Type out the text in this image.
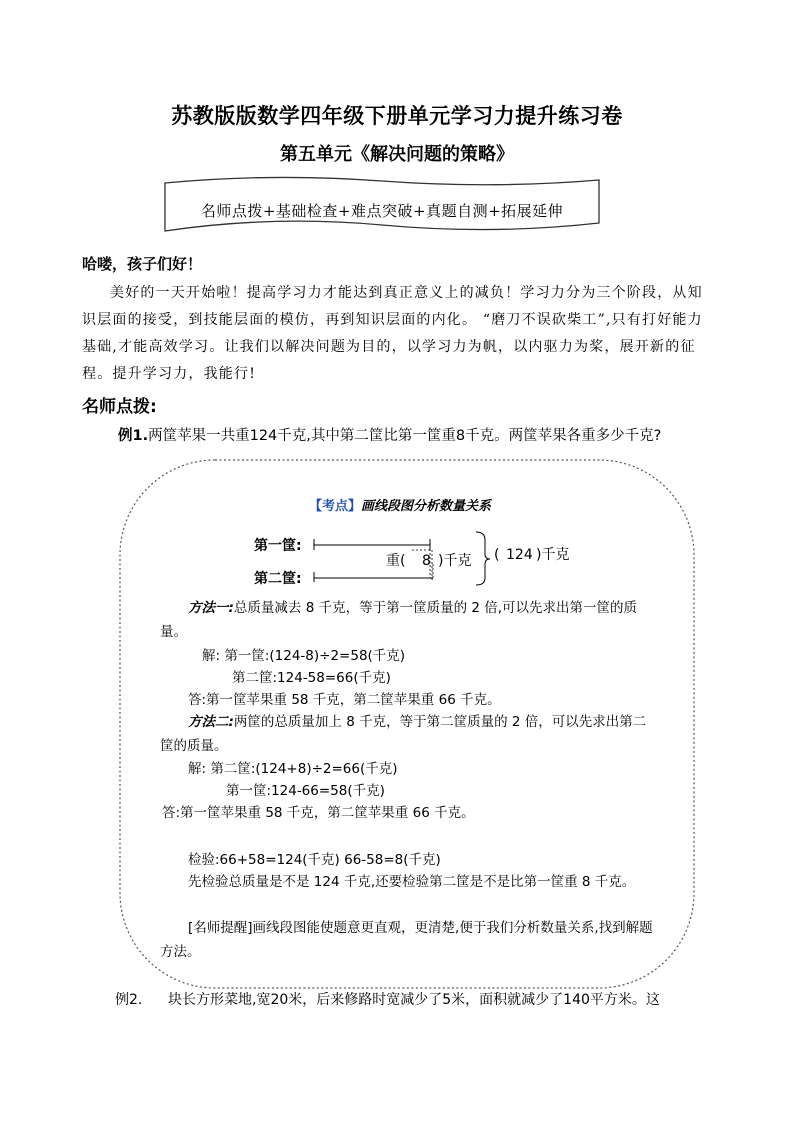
苏教版版数学四年级下册单元学习力提升练习卷
第五单元《解决问题的策略》
名师点拨+基础检查+难点突破+真题自测+拓展延伸
哈喽，孩子们好！
美好的一天开始啦！提高学习力才能达到真正意义上的减负！学习力分为三个阶段，从知识层面的接受，到技能层面的模仿，再到知识层面的内化。 “磨刀不误砍柴工”,只有打好能力基础,才能高效学习。让我们以解决问题为目的，以学习力为帆，以内驱力为桨，展开新的征程。提升学习力，我能行!
名师点拨:
例1.两筐苹果一共重124千克,其中第二筐比第一筐重8千克。两筐苹果各重多少千克?
【考点】画线段图分析数量关系
第一筐:
第二筐:
重( 8 )千克 ( 124 )千克
方法一:总质量减去 8 千克，等于第一筐质量的 2 倍,可以先求出第一筐的质量。
解: 第一筐:(124-8)÷2=58(千克)
第二筐:124-58=66(千克)
答:第一筐苹果重 58 千克，第二筐苹果重 66 千克。
方法二:两筐的总质量加上 8 千克，等于第二筐质量的 2 倍，可以先求出第二筐的质量。
解: 第二筐:(124+8)÷2=66(千克)
第一筐:124-66=58(千克)
答:第一筐苹果重 58 千克，第二筐苹果重 66 千克。
检验:66+58=124(千克) 66-58=8(千克)
先检验总质量是不是 124 千克,还要检验第二筐是不是比第一筐重 8 千克。
[名师提醒]画线段图能使题意更直观，更清楚,便于我们分析数量关系,找到解题方法。
例2. 块长方形菜地,宽20米，后来修路时宽减少了5米，面积就减少了140平方米。这
